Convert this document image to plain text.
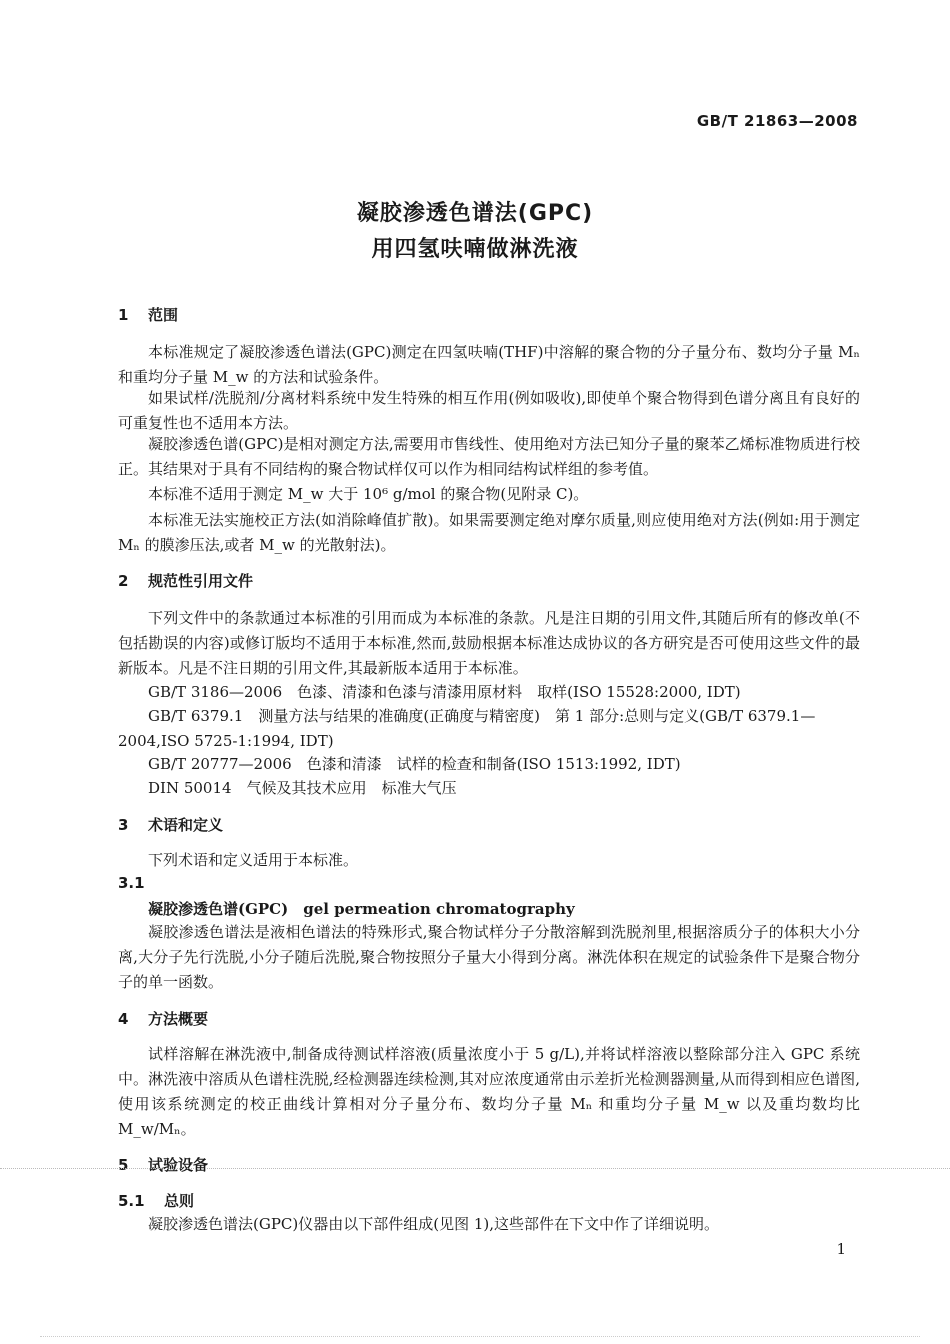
GB/T 21863—2008
凝胶渗透色谱法(GPC)
用四氢呋喃做淋洗液
1 范围
本标准规定了凝胶渗透色谱法(GPC)测定在四氢呋喃(THF)中溶解的聚合物的分子量分布、数均分子量 Mₙ 和重均分子量 M_w 的方法和试验条件。
如果试样/洗脱剂/分离材料系统中发生特殊的相互作用(例如吸收),即使单个聚合物得到色谱分离且有良好的可重复性也不适用本方法。
凝胶渗透色谱(GPC)是相对测定方法,需要用市售线性、使用绝对方法已知分子量的聚苯乙烯标准物质进行校正。其结果对于具有不同结构的聚合物试样仅可以作为相同结构试样组的参考值。
本标准不适用于测定 M_w 大于 10⁶ g/mol 的聚合物(见附录 C)。
本标准无法实施校正方法(如消除峰值扩散)。如果需要测定绝对摩尔质量,则应使用绝对方法(例如:用于测定 Mₙ 的膜渗压法,或者 M_w 的光散射法)。
2 规范性引用文件
下列文件中的条款通过本标准的引用而成为本标准的条款。凡是注日期的引用文件,其随后所有的修改单(不包括勘误的内容)或修订版均不适用于本标准,然而,鼓励根据本标准达成协议的各方研究是否可使用这些文件的最新版本。凡是不注日期的引用文件,其最新版本适用于本标准。
GB/T 3186—2006　色漆、清漆和色漆与清漆用原材料　取样(ISO 15528:2000, IDT)
GB/T 6379.1　测量方法与结果的准确度(正确度与精密度)　第 1 部分:总则与定义(GB/T 6379.1—2004,ISO 5725-1:1994, IDT)
GB/T 20777—2006　色漆和清漆　试样的检查和制备(ISO 1513:1992, IDT)
DIN 50014　气候及其技术应用　标准大气压
3 术语和定义
下列术语和定义适用于本标准。
3.1
凝胶渗透色谱(GPC)　gel permeation chromatography
凝胶渗透色谱法是液相色谱法的特殊形式,聚合物试样分子分散溶解到洗脱剂里,根据溶质分子的体积大小分离,大分子先行洗脱,小分子随后洗脱,聚合物按照分子量大小得到分离。淋洗体积在规定的试验条件下是聚合物分子的单一函数。
4 方法概要
试样溶解在淋洗液中,制备成待测试样溶液(质量浓度小于 5 g/L),并将试样溶液以整除部分注入 GPC 系统中。淋洗液中溶质从色谱柱洗脱,经检测器连续检测,其对应浓度通常由示差折光检测器测量,从而得到相应色谱图,使用该系统测定的校正曲线计算相对分子量分布、数均分子量 Mₙ 和重均分子量 M_w 以及重均数均比 M_w/Mₙ。
5 试验设备
5.1 总则
凝胶渗透色谱法(GPC)仪器由以下部件组成(见图 1),这些部件在下文中作了详细说明。
1
